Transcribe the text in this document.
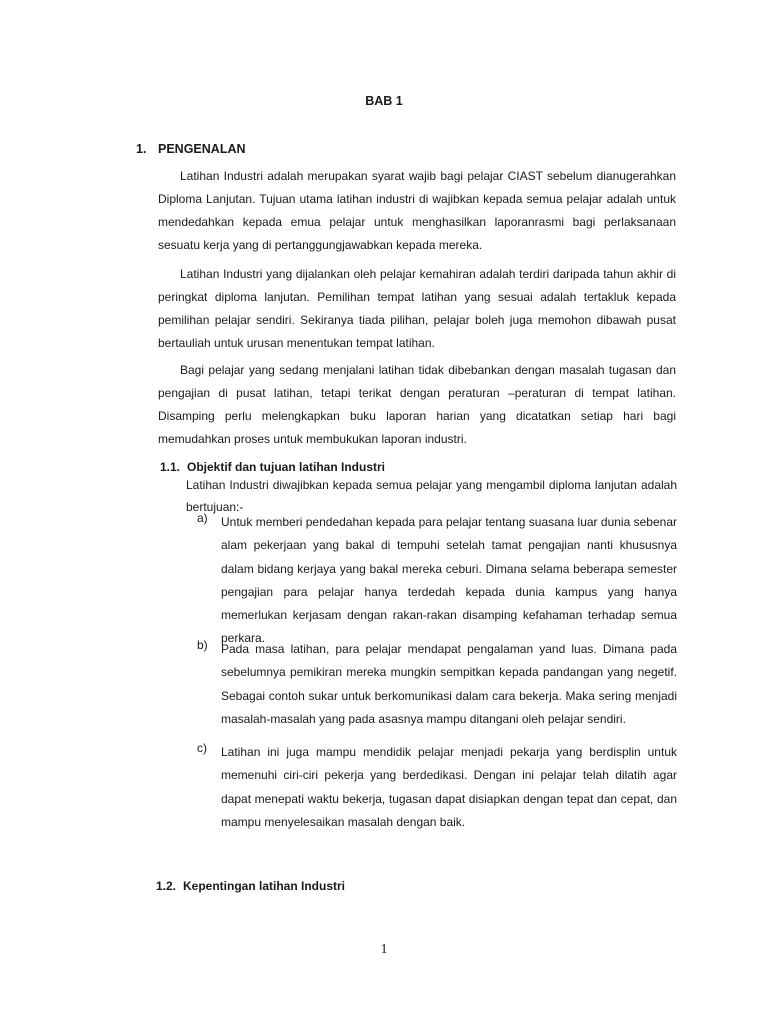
BAB 1
1. PENGENALAN

Latihan Industri adalah merupakan syarat wajib bagi pelajar CIAST sebelum dianugerahkan Diploma Lanjutan. Tujuan utama latihan industri di wajibkan kepada semua pelajar adalah untuk mendedahkan kepada emua pelajar untuk menghasilkan laporanrasmi bagi perlaksanaan sesuatu kerja yang di pertanggungjawabkan kepada mereka.

Latihan Industri yang dijalankan oleh pelajar kemahiran adalah terdiri daripada tahun akhir di peringkat diploma lanjutan. Pemilihan tempat latihan yang sesuai adalah tertakluk kepada pemilihan pelajar sendiri. Sekiranya tiada pilihan, pelajar boleh juga memohon dibawah pusat bertauliah untuk urusan menentukan tempat latihan.

Bagi pelajar yang sedang menjalani latihan tidak dibebankan dengan masalah tugasan dan pengajian di pusat latihan, tetapi terikat dengan peraturan –peraturan di tempat latihan. Disamping perlu melengkapkan buku laporan harian yang dicatatkan setiap hari bagi memudahkan proses untuk membukukan laporan industri.

1.1. Objektif dan tujuan latihan Industri

Latihan Industri diwajibkan kepada semua pelajar yang mengambil diploma lanjutan adalah bertujuan:-

a) Untuk memberi pendedahan kepada para pelajar tentang suasana luar dunia sebenar alam pekerjaan yang bakal di tempuhi setelah tamat pengajian nanti khususnya dalam bidang kerjaya yang bakal mereka ceburi. Dimana selama beberapa semester pengajian para pelajar hanya terdedah kepada dunia kampus yang hanya memerlukan kerjasam dengan rakan-rakan disamping kefahaman terhadap semua perkara.
b) Pada masa latihan, para pelajar mendapat pengalaman yand luas. Dimana pada sebelumnya pemikiran mereka mungkin sempitkan kepada pandangan yang negetif. Sebagai contoh sukar untuk berkomunikasi dalam cara bekerja. Maka sering menjadi masalah-masalah yang pada asasnya mampu ditangani oleh pelajar sendiri.
c) Latihan ini juga mampu mendidik pelajar menjadi pekarja yang berdisplin untuk memenuhi ciri-ciri pekerja yang berdedikasi. Dengan ini pelajar telah dilatih agar dapat menepati waktu bekerja, tugasan dapat disiapkan dengan tepat dan cepat, dan mampu menyelesaikan masalah dengan baik.
1.2. Kepentingan latihan Industri
1
